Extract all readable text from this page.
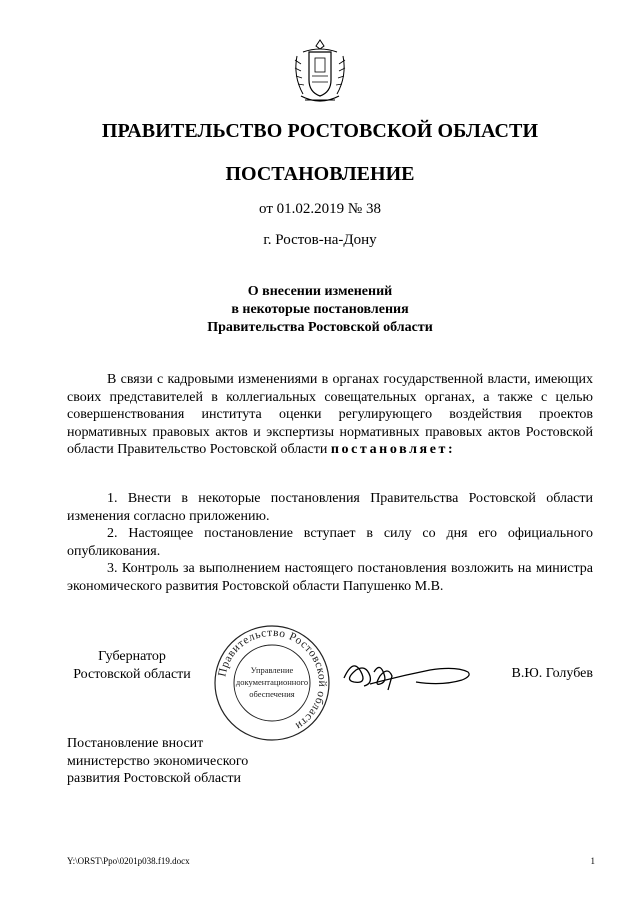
ПРАВИТЕЛЬСТВО РОСТОВСКОЙ ОБЛАСТИ
ПОСТАНОВЛЕНИЕ
от 01.02.2019 № 38
г. Ростов-на-Дону
О внесении изменений
в некоторые постановления
Правительства Ростовской области

В связи с кадровыми изменениями в органах государственной власти, имеющих своих представителей в коллегиальных совещательных органах, а также с целью совершенствования института оценки регулирующего воздействия проектов нормативных правовых актов и экспертизы нормативных правовых актов Ростовской области Правительство Ростовской области постановляет:

1. Внести в некоторые постановления Правительства Ростовской области изменения согласно приложению.

2. Настоящее постановление вступает в силу со дня его официального опубликования.

3. Контроль за выполнением настоящего постановления возложить на министра экономического развития Ростовской области Папушенко М.В.

Губернатор
Ростовской области	Правительство Ростовской области
Управление
документационного
обеспечения
В.Ю. Голубев
Постановление вносит
министерство экономического
развития Ростовской области
Y:\ORST\Ppo\0201p038.f19.docx	1
